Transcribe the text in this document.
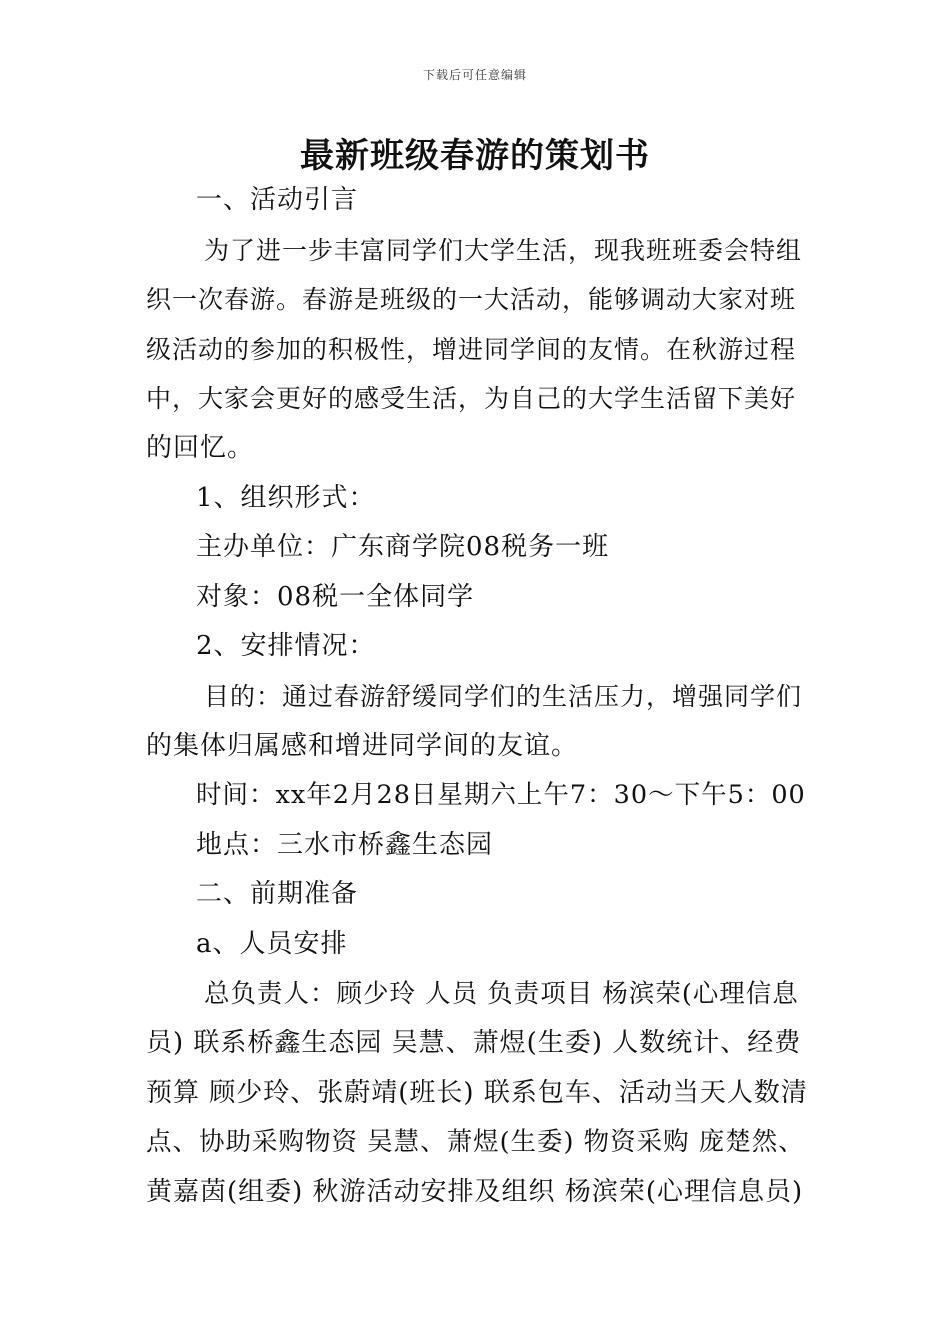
下载后可任意编辑
最新班级春游的策划书
一、活动引言
为了进一步丰富同学们大学生活，现我班班委会特组
织一次春游。春游是班级的一大活动，能够调动大家对班
级活动的参加的积极性，增进同学间的友情。在秋游过程
中，大家会更好的感受生活，为自己的大学生活留下美好
的回忆。
1、组织形式：
主办单位：广东商学院08税务一班
对象：08税一全体同学
2、安排情况：
目的：通过春游舒缓同学们的生活压力，增强同学们
的集体归属感和增进同学间的友谊。
时间：xx年2月28日星期六上午7：30～下午5：00
地点：三水市桥鑫生态园
二、前期准备
a、人员安排
总负责人：顾少玲 人员 负责项目 杨滨荣(心理信息
员) 联系桥鑫生态园 吴慧、萧煜(生委) 人数统计、经费
预算 顾少玲、张蔚靖(班长) 联系包车、活动当天人数清
点、协助采购物资 吴慧、萧煜(生委) 物资采购 庞楚然、
黄嘉茵(组委) 秋游活动安排及组织 杨滨荣(心理信息员)
